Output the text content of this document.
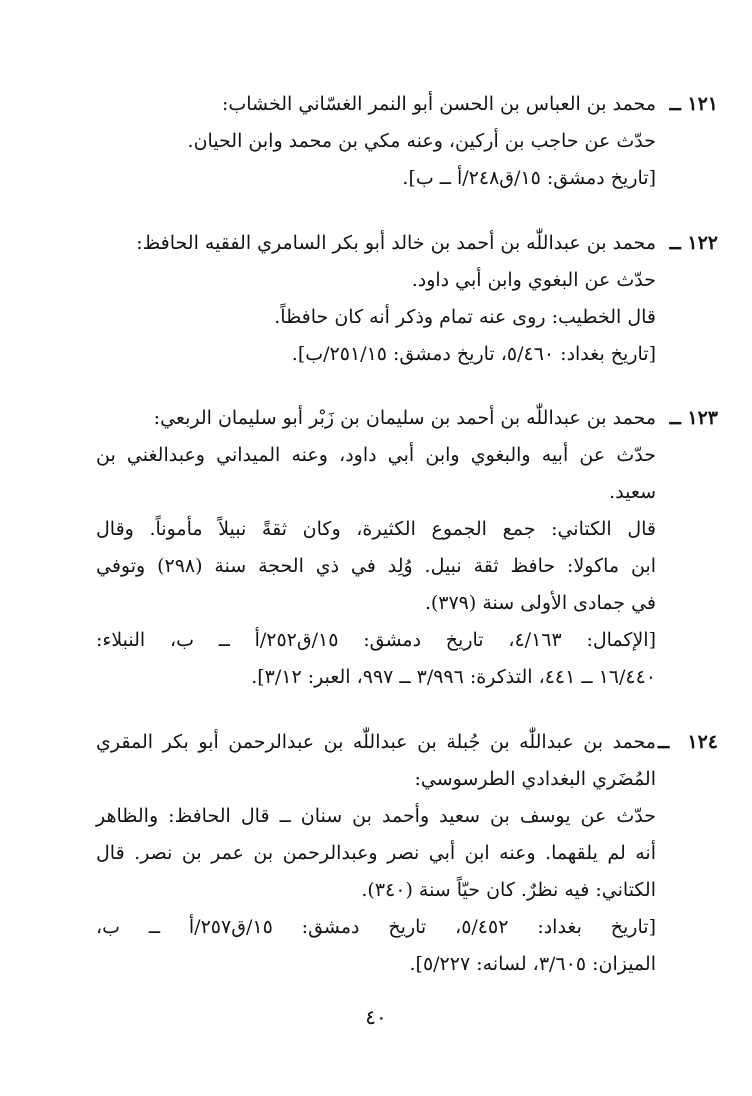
١٢١ ــ
محمد بن العباس بن الحسن أبو النمر الغسّاني الخشاب:
حدّث عن حاجب بن أركين، وعنه مكي بن محمد وابن الحيان.
[تاريخ دمشق: ١٥/ق٢٤٨/أ ــ ب].
١٢٢ ــ
محمد بن عبداللّٰه بن أحمد بن خالد أبو بكر السامري الفقيه الحافظ:
حدّث عن البغوي وابن أبي داود.
قال الخطيب: روى عنه تمام وذكر أنه كان حافظاً.
[تاريخ بغداد: ٥/٤٦٠، تاريخ دمشق: ٢٥١/١٥/ب].
١٢٣ ــ
محمد بن عبداللّٰه بن أحمد بن سليمان بن زَبْر أبو سليمان الربعي:
حدّث عن أبيه والبغوي وابن أبي داود، وعنه الميداني وعبدالغني بن
سعيد.
قال الكتاني: جمع الجموع الكثيرة، وكان ثقةً نبيلاً مأموناً. وقال
ابن ماكولا: حافظ ثقة نبيل. وُلِد في ذي الحجة سنة (٢٩٨) وتوفي
في جمادى الأولى سنة (٣٧٩).
[الإكمال: ٤/١٦٣، تاريخ دمشق: ١٥/ق٢٥٢/أ ــ ب، النبلاء:
١٦/٤٤٠ ــ ٤٤١، التذكرة: ٣/٩٩٦ ــ ٩٩٧، العبر: ٣/١٢].
١٢٤ ــ
محمد بن عبداللّٰه بن جُبلة بن عبداللّٰه بن عبدالرحمن أبو بكر المقري
المُضَري البغدادي الطرسوسي:
حدّث عن يوسف بن سعيد وأحمد بن سنان ــ قال الحافظ: والظاهر
أنه لم يلقهما. وعنه ابن أبي نصر وعبدالرحمن بن عمر بن نصر. قال
الكتاني: فيه نظرٌ. كان حيّاً سنة (٣٤٠).
[تاريخ بغداد: ٥/٤٥٢، تاريخ دمشق: ١٥/ق٢٥٧/أ ــ ب،
الميزان: ٣/٦٠٥، لسانه: ٥/٢٢٧].
٤٠
